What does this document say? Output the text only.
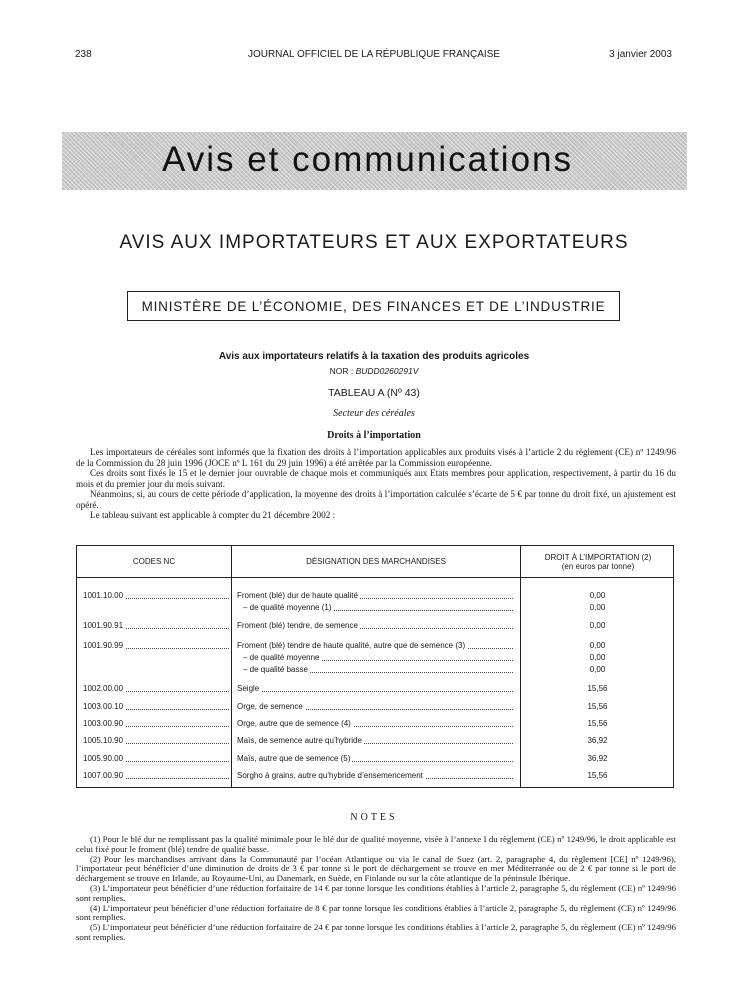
238	JOURNAL OFFICIEL DE LA RÉPUBLIQUE FRANÇAISE	3 janvier 2003
Avis et communications
AVIS AUX IMPORTATEURS ET AUX EXPORTATEURS
MINISTÈRE DE L’ÉCONOMIE, DES FINANCES ET DE L’INDUSTRIE
Avis aux importateurs relatifs à la taxation des produits agricoles
NOR : BUDD0260291V
TABLEAU A (Nº 43)
Secteur des céréales
Droits à l’importation

Les importateurs de céréales sont informés que la fixation des droits à l’importation applicables aux produits visés à l’article 2 du règlement (CE) nº 1249/96 de la Commission du 28 juin 1996 (JOCE nº L 161 du 29 juin 1996) a été arrêtée par la Commission européenne.

Ces droits sont fixés le 15 et le dernier jour ouvrable de chaque mois et communiqués aux Etats membres pour application, respectivement, à partir du 16 du mois et du premier jour du mois suivant.

Néanmoins, si, au cours de cette période d’application, la moyenne des droits à l’importation calculée s’écarte de 5 € par tonne du droit fixé, un ajustement est opéré.

Le tableau suivant est applicable à compter du 21 décembre 2002 :

CODES NC	DÉSIGNATION DES MARCHANDISES	DROIT À L’IMPORTATION (2)
(en euros par tonne)
1001.10.00	Froment (blé) dur de haute qualité	0,00
– de qualité moyenne (1)	0,00
1001.90.91	Froment (blé) tendre, de semence	0,00
1001.90.99	Froment (blé) tendre de haute qualité, autre que de semence (3)	0,00
– de qualité moyenne	0,00
– de qualité basse	0,00
1002.00.00	Seigle	15,56
1003.00.10	Orge, de semence	15,56
1003.00.90	Orge, autre que de semence (4)	15,56
1005.10.90	Maïs, de semence autre qu’hybride	36,92
1005.90.00	Maïs, autre que de semence (5)	36,92
1007.00.90	Sorgho à grains, autre qu’hybride d’ensemencement	15,56
NOTES

(1) Pour le blé dur ne remplissant pas la qualité minimale pour le blé dur de qualité moyenne, visée à l’annexe I du règlement (CE) nº 1249/96, le droit applicable est celui fixé pour le froment (blé) tendre de qualité basse.

(2) Pour les marchandises arrivant dans la Communauté par l’océan Atlantique ou via le canal de Suez (art. 2, paragraphe 4, du règlement [CE] nº 1249/96), l’importateur peut bénéficier d’une diminution de droits de 3 € par tonne si le port de déchargement se trouve en mer Méditerranée ou de 2 € par tonne si le port de déchargement se trouve en Irlande, au Royaume-Uni, au Danemark, en Suède, en Finlande ou sur la côte atlantique de la péninsule Ibérique.

(3) L’importateur peut bénéficier d’une réduction forfaitaire de 14 € par tonne lorsque les conditions établies à l’article 2, paragraphe 5, du règlement (CE) nº 1249/96 sont remplies.

(4) L’importateur peut bénéficier d’une réduction forfaitaire de 8 € par tonne lorsque les conditions établies à l’article 2, paragraphe 5, du règlement (CE) nº 1249/96 sont remplies.

(5) L’importateur peut bénéficier d’une réduction forfaitaire de 24 € par tonne lorsque les conditions établies à l’article 2, paragraphe 5, du règlement (CE) nº 1249/96 sont remplies.
